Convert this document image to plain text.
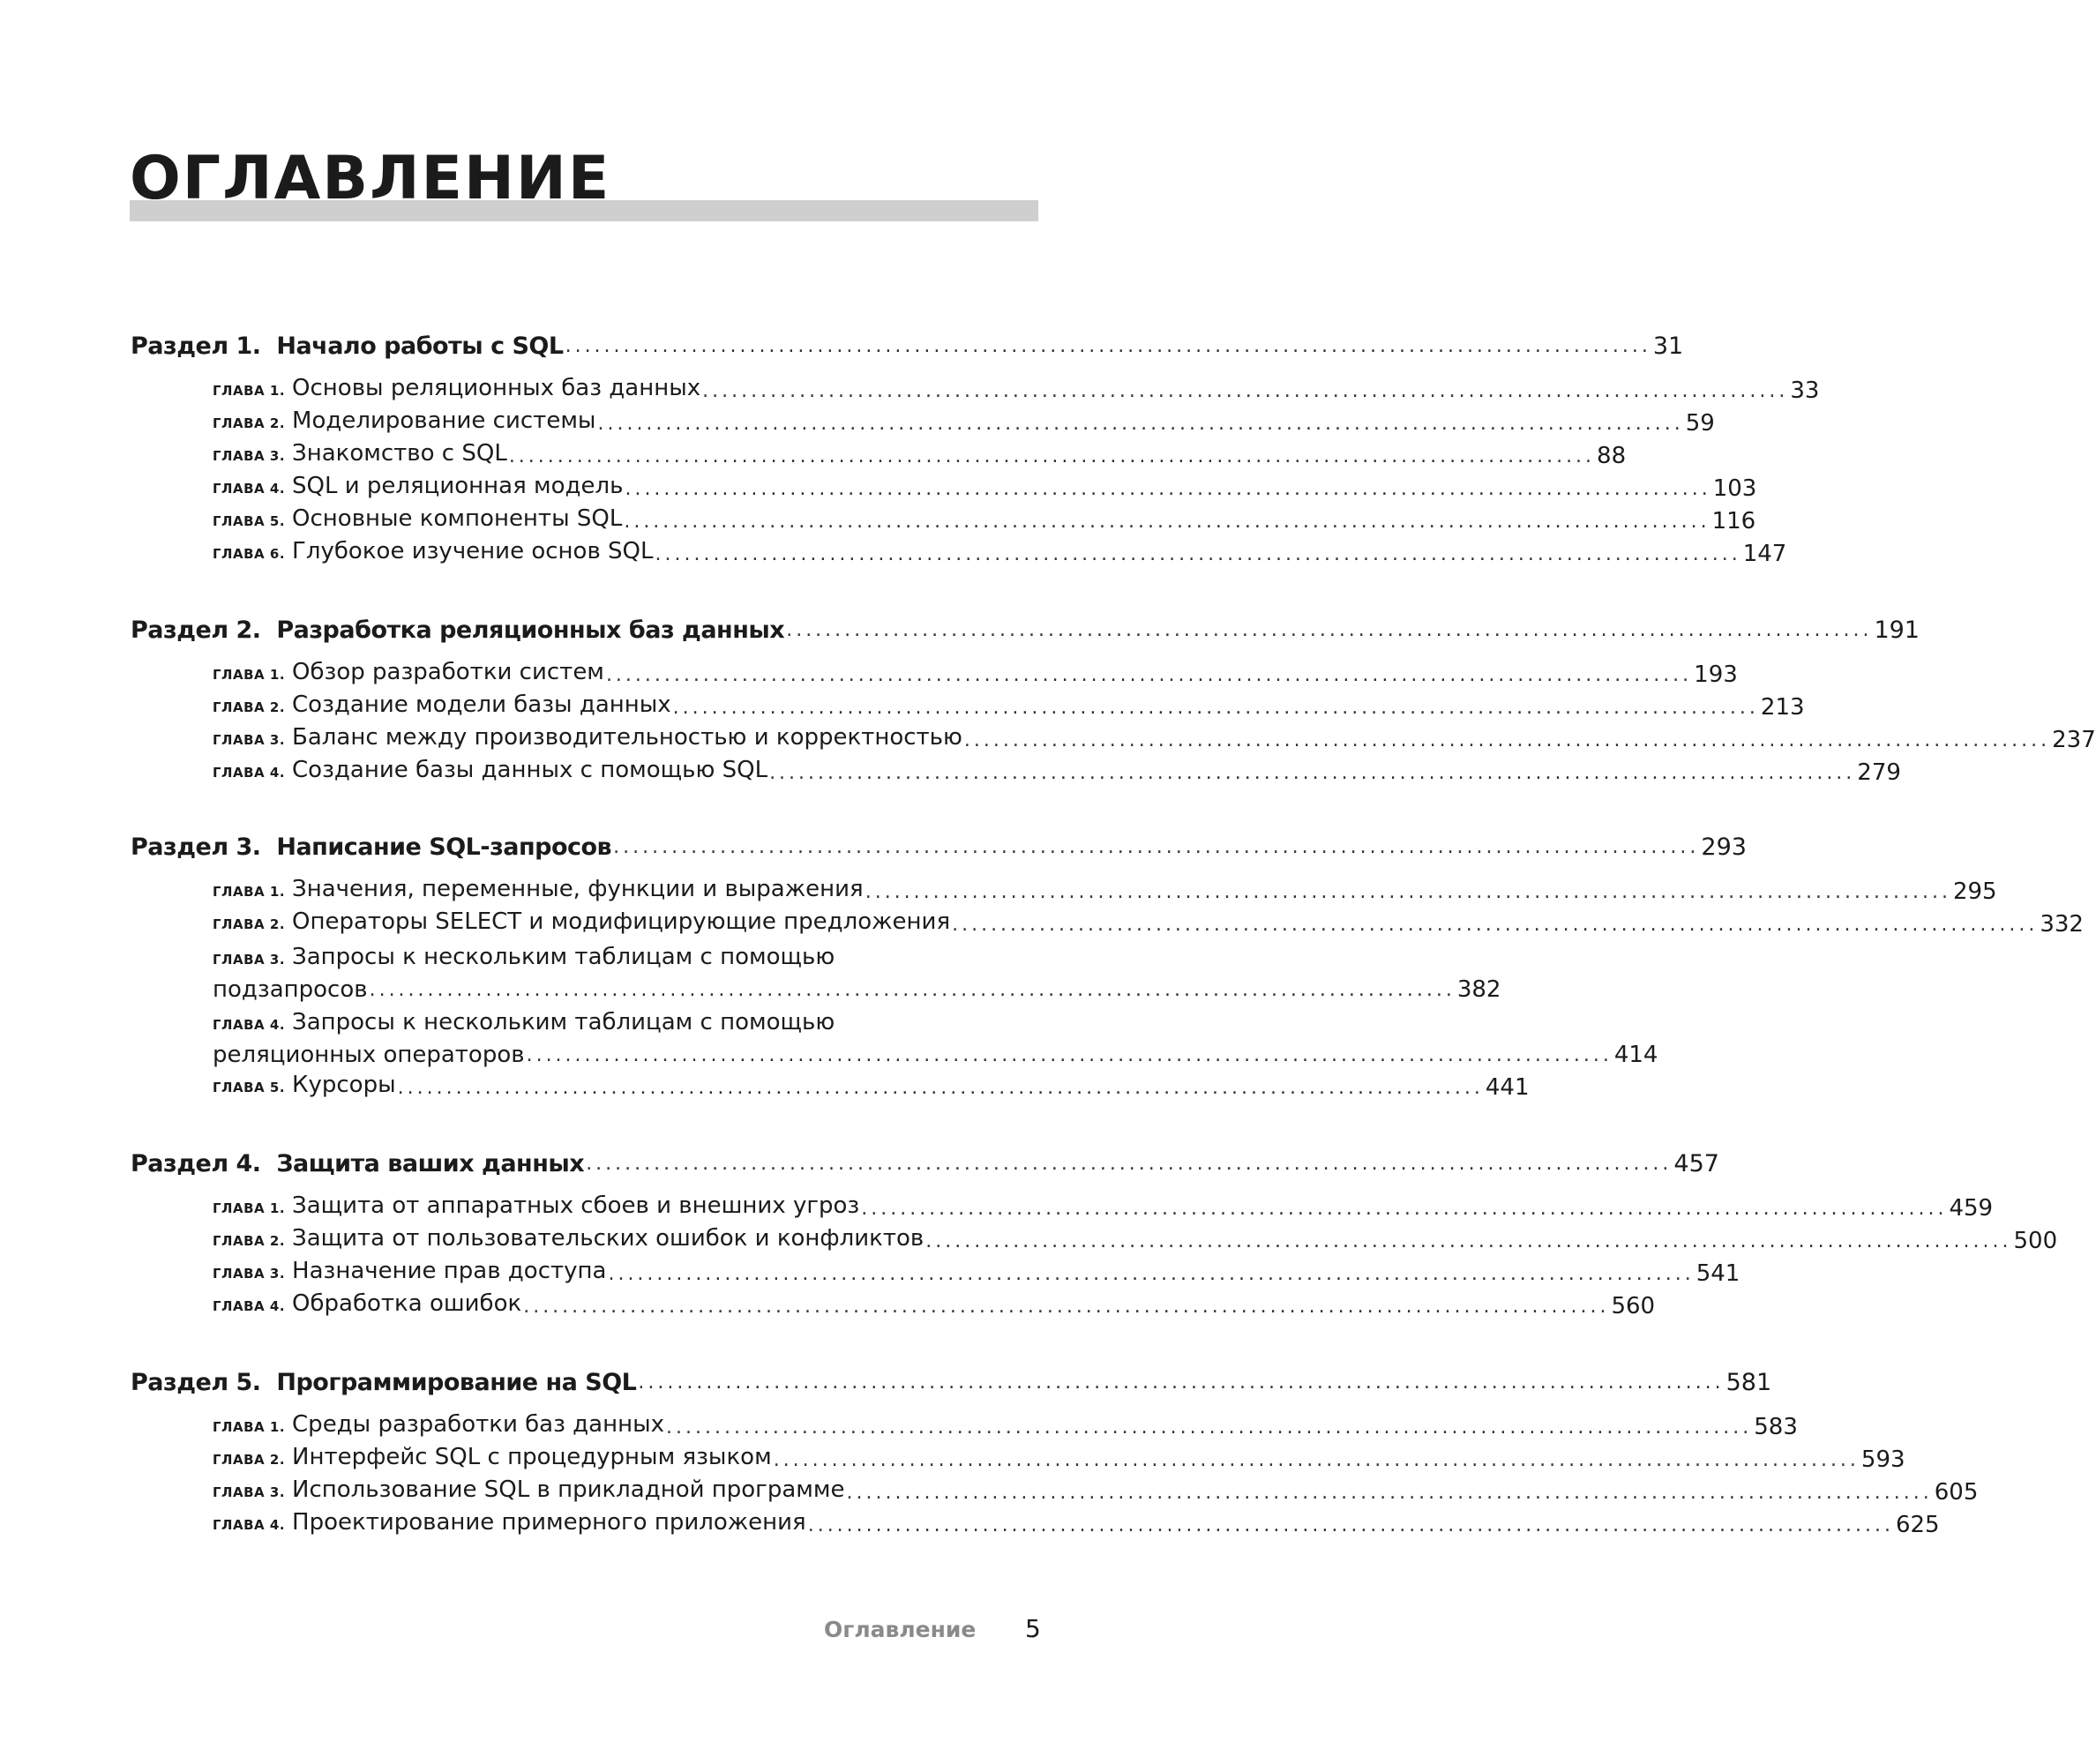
ОГЛАВЛЕНИЕ
Раздел 1. Начало работы с SQL ................................................................................................................ 31
ГЛАВА 1. Основы реляционных баз данных ................................................................................................................ 33
ГЛАВА 2. Моделирование системы ................................................................................................................ 59
ГЛАВА 3. Знакомство с SQL ................................................................................................................ 88
ГЛАВА 4. SQL и реляционная модель ................................................................................................................ 103
ГЛАВА 5. Основные компоненты SQL ................................................................................................................ 116
ГЛАВА 6. Глубокое изучение основ SQL ................................................................................................................ 147
Раздел 2. Разработка реляционных баз данных ................................................................................................................ 191
ГЛАВА 1. Обзор разработки систем ................................................................................................................ 193
ГЛАВА 2. Создание модели базы данных ................................................................................................................ 213
ГЛАВА 3. Баланс между производительностью и корректностью ................................................................................................................ 237
ГЛАВА 4. Создание базы данных с помощью SQL ................................................................................................................ 279
Раздел 3. Написание SQL-запросов ................................................................................................................ 293
ГЛАВА 1. Значения, переменные, функции и выражения ................................................................................................................ 295
ГЛАВА 2. Операторы SELECT и модифицирующие предложения ................................................................................................................ 332
ГЛАВА 3. Запросы к нескольким таблицам с помощью
подзапросов ................................................................................................................ 382
ГЛАВА 4. Запросы к нескольким таблицам с помощью
реляционных операторов ................................................................................................................ 414
ГЛАВА 5. Курсоры ................................................................................................................ 441
Раздел 4. Защита ваших данных ................................................................................................................ 457
ГЛАВА 1. Защита от аппаратных сбоев и внешних угроз ................................................................................................................ 459
ГЛАВА 2. Защита от пользовательских ошибок и конфликтов ................................................................................................................ 500
ГЛАВА 3. Назначение прав доступа ................................................................................................................ 541
ГЛАВА 4. Обработка ошибок ................................................................................................................ 560
Раздел 5. Программирование на SQL ................................................................................................................ 581
ГЛАВА 1. Среды разработки баз данных ................................................................................................................ 583
ГЛАВА 2. Интерфейс SQL с процедурным языком ................................................................................................................ 593
ГЛАВА 3. Использование SQL в прикладной программе ................................................................................................................ 605
ГЛАВА 4. Проектирование примерного приложения ................................................................................................................ 625
Оглавление 5
